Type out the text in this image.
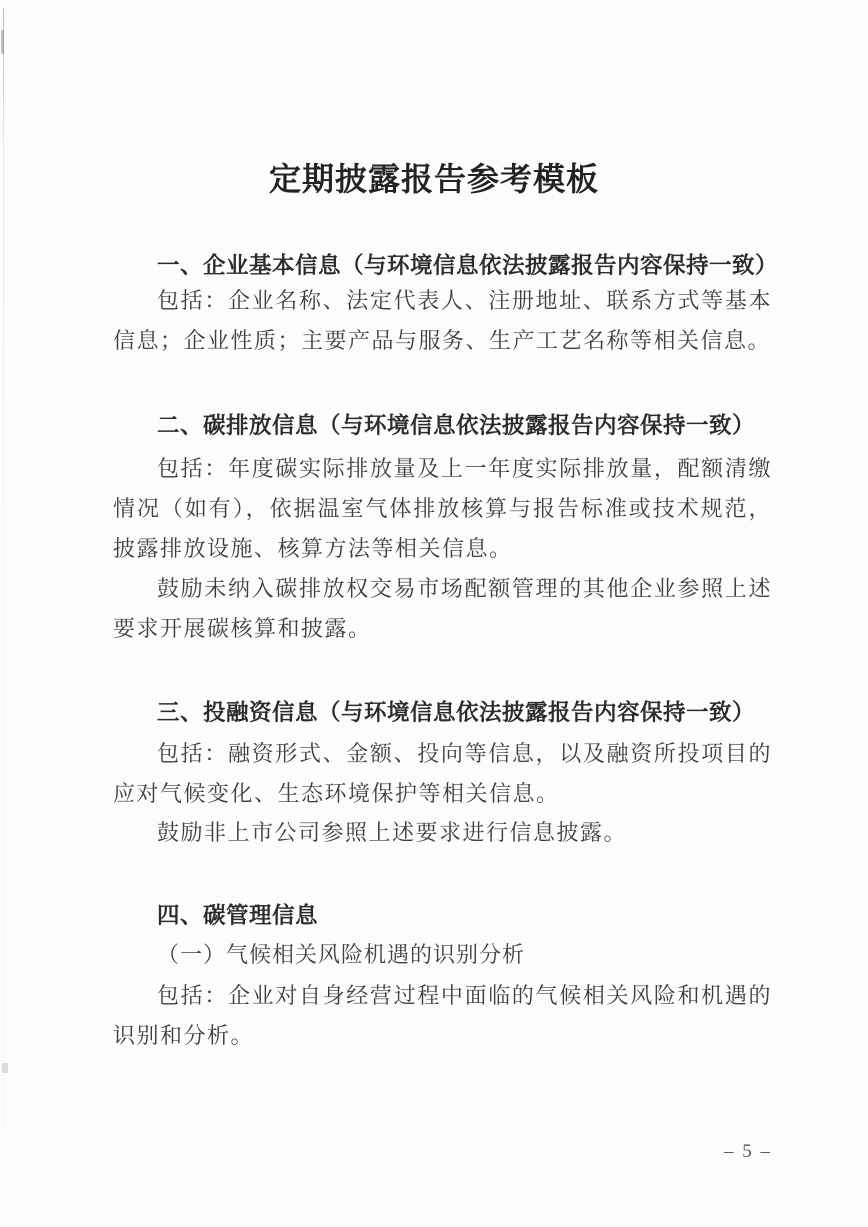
定期披露报告参考模板
一、企业基本信息（与环境信息依法披露报告内容保持一致）

包括：企业名称、法定代表人、注册地址、联系方式等基本信息；企业性质；主要产品与服务、生产工艺名称等相关信息。

二、碳排放信息（与环境信息依法披露报告内容保持一致）

包括：年度碳实际排放量及上一年度实际排放量，配额清缴情况（如有），依据温室气体排放核算与报告标准或技术规范，披露排放设施、核算方法等相关信息。

鼓励未纳入碳排放权交易市场配额管理的其他企业参照上述要求开展碳核算和披露。

三、投融资信息（与环境信息依法披露报告内容保持一致）

包括：融资形式、金额、投向等信息，以及融资所投项目的应对气候变化、生态环境保护等相关信息。

鼓励非上市公司参照上述要求进行信息披露。

四、碳管理信息
（一）气候相关风险机遇的识别分析

包括：企业对自身经营过程中面临的气候相关风险和机遇的识别和分析。

– 5 –
